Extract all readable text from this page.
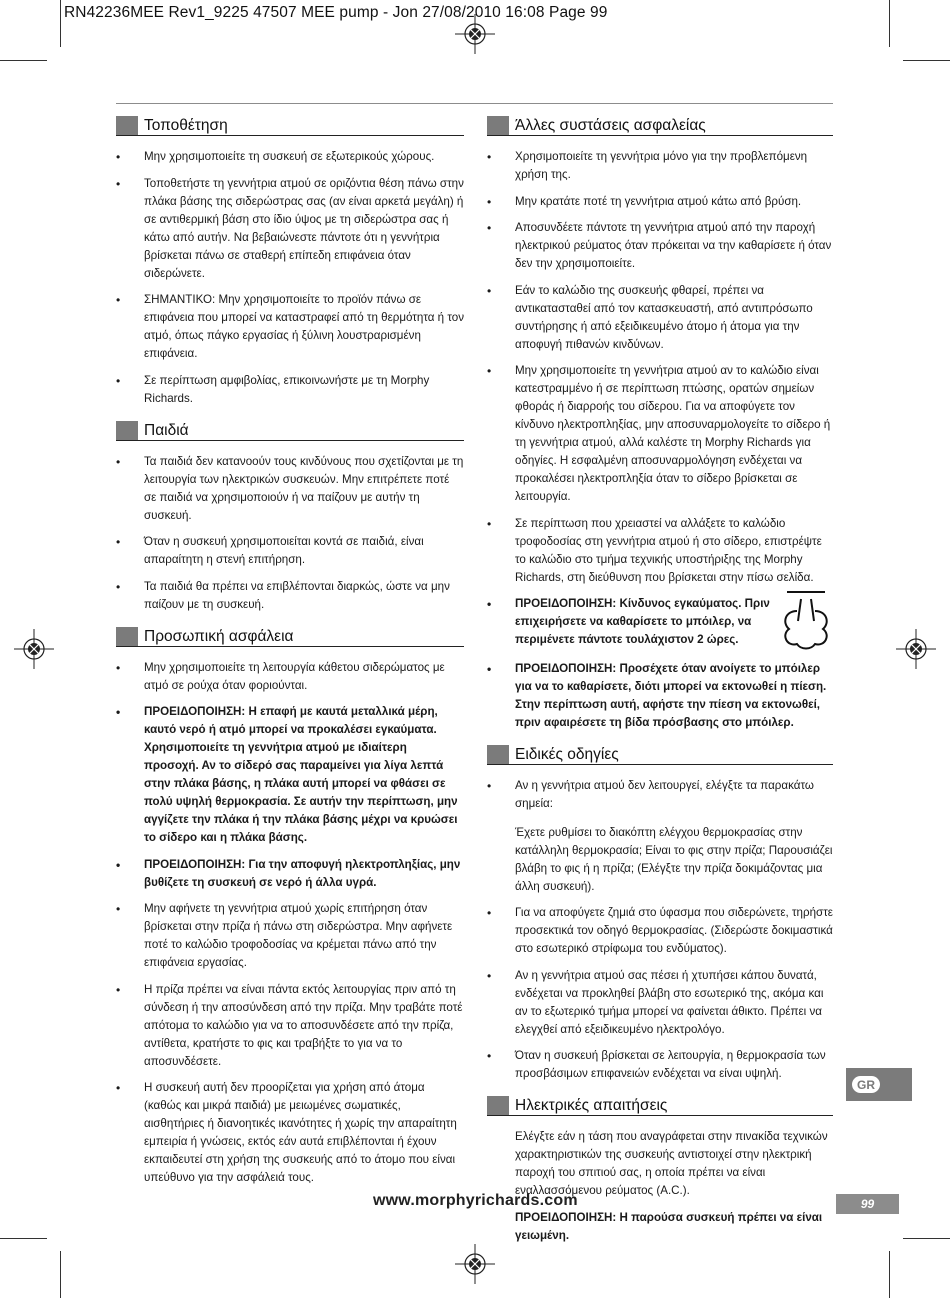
RN42236MEE Rev1_9225 47507 MEE pump - Jon 27/08/2010 16:08 Page 99
Τοποθέτηση
• Μην χρησιμοποιείτε τη συσκευή σε εξωτερικούς χώρους.
• Τοποθετήστε τη γεννήτρια ατμού σε οριζόντια θέση πάνω στην πλάκα βάσης της σιδερώστρας σας (αν είναι αρκετά μεγάλη) ή σε αντιθερμική βάση στο ίδιο ύψος με τη σιδερώστρα σας ή κάτω από αυτήν. Να βεβαιώνεστε πάντοτε ότι η γεννήτρια βρίσκεται πάνω σε σταθερή επίπεδη επιφάνεια όταν σιδερώνετε.
• ΣΗΜΑΝΤΙΚΟ: Μην χρησιμοποιείτε το προϊόν πάνω σε επιφάνεια που μπορεί να καταστραφεί από τη θερμότητα ή τον ατμό, όπως πάγκο εργασίας ή ξύλινη λουστραρισμένη επιφάνεια.
• Σε περίπτωση αμφιβολίας, επικοινωνήστε με τη Morphy Richards.
Παιδιά
• Τα παιδιά δεν κατανοούν τους κινδύνους που σχετίζονται με τη λειτουργία των ηλεκτρικών συσκευών. Μην επιτρέπετε ποτέ σε παιδιά να χρησιμοποιούν ή να παίζουν με αυτήν τη συσκευή.
• Όταν η συσκευή χρησιμοποιείται κοντά σε παιδιά, είναι απαραίτητη η στενή επιτήρηση.
• Τα παιδιά θα πρέπει να επιβλέπονται διαρκώς, ώστε να μην παίζουν με τη συσκευή.
Προσωπική ασφάλεια
• Μην χρησιμοποιείτε τη λειτουργία κάθετου σιδερώματος με ατμό σε ρούχα όταν φοριούνται.
• ΠΡΟΕΙΔΟΠΟΙΗΣΗ: Η επαφή με καυτά μεταλλικά μέρη, καυτό νερό ή ατμό μπορεί να προκαλέσει εγκαύματα. Χρησιμοποιείτε τη γεννήτρια ατμού με ιδιαίτερη προσοχή. Αν το σίδερό σας παραμείνει για λίγα λεπτά στην πλάκα βάσης, η πλάκα αυτή μπορεί να φθάσει σε πολύ υψηλή θερμοκρασία. Σε αυτήν την περίπτωση, μην αγγίζετε την πλάκα ή την πλάκα βάσης μέχρι να κρυώσει το σίδερο και η πλάκα βάσης.
• ΠΡΟΕΙΔΟΠΟΙΗΣΗ: Για την αποφυγή ηλεκτροπληξίας, μην βυθίζετε τη συσκευή σε νερό ή άλλα υγρά.
• Μην αφήνετε τη γεννήτρια ατμού χωρίς επιτήρηση όταν βρίσκεται στην πρίζα ή πάνω στη σιδερώστρα. Μην αφήνετε ποτέ το καλώδιο τροφοδοσίας να κρέμεται πάνω από την επιφάνεια εργασίας.
• Η πρίζα πρέπει να είναι πάντα εκτός λειτουργίας πριν από τη σύνδεση ή την αποσύνδεση από την πρίζα. Μην τραβάτε ποτέ απότομα το καλώδιο για να το αποσυνδέσετε από την πρίζα, αντίθετα, κρατήστε το φις και τραβήξτε το για να το αποσυνδέσετε.
• Η συσκευή αυτή δεν προορίζεται για χρήση από άτομα (καθώς και μικρά παιδιά) με μειωμένες σωματικές, αισθητήριες ή διανοητικές ικανότητες ή χωρίς την απαραίτητη εμπειρία ή γνώσεις, εκτός εάν αυτά επιβλέπονται ή έχουν εκπαιδευτεί στη χρήση της συσκευής από το άτομο που είναι υπεύθυνο για την ασφάλειά τους.
Άλλες συστάσεις ασφαλείας
• Χρησιμοποιείτε τη γεννήτρια μόνο για την προβλεπόμενη χρήση της.
• Μην κρατάτε ποτέ τη γεννήτρια ατμού κάτω από βρύση.
• Αποσυνδέετε πάντοτε τη γεννήτρια ατμού από την παροχή ηλεκτρικού ρεύματος όταν πρόκειται να την καθαρίσετε ή όταν δεν την χρησιμοποιείτε.
• Εάν το καλώδιο της συσκευής φθαρεί, πρέπει να αντικατασταθεί από τον κατασκευαστή, από αντιπρόσωπο συντήρησης ή από εξειδικευμένο άτομο ή άτομα για την αποφυγή πιθανών κινδύνων.
• Μην χρησιμοποιείτε τη γεννήτρια ατμού αν το καλώδιο είναι κατεστραμμένο ή σε περίπτωση πτώσης, ορατών σημείων φθοράς ή διαρροής του σίδερου. Για να αποφύγετε τον κίνδυνο ηλεκτροπληξίας, μην αποσυναρμολογείτε το σίδερο ή τη γεννήτρια ατμού, αλλά καλέστε τη Morphy Richards για οδηγίες. Η εσφαλμένη αποσυναρμολόγηση ενδέχεται να προκαλέσει ηλεκτροπληξία όταν το σίδερο βρίσκεται σε λειτουργία.
• Σε περίπτωση που χρειαστεί να αλλάξετε το καλώδιο τροφοδοσίας στη γεννήτρια ατμού ή στο σίδερο, επιστρέψτε το καλώδιο στο τμήμα τεχνικής υποστήριξης της Morphy Richards, στη διεύθυνση που βρίσκεται στην πίσω σελίδα.
• ΠΡΟΕΙΔΟΠΟΙΗΣΗ: Κίνδυνος εγκαύματος. Πριν επιχειρήσετε να καθαρίσετε το μπόιλερ, να περιμένετε πάντοτε τουλάχιστον 2 ώρες.
• ΠΡΟΕΙΔΟΠΟΙΗΣΗ: Προσέχετε όταν ανοίγετε το μπόιλερ για να το καθαρίσετε, διότι μπορεί να εκτονωθεί η πίεση. Στην περίπτωση αυτή, αφήστε την πίεση να εκτονωθεί, πριν αφαιρέσετε τη βίδα πρόσβασης στο μπόιλερ.
Ειδικές οδηγίες
• Αν η γεννήτρια ατμού δεν λειτουργεί, ελέγξτε τα παρακάτω σημεία:
Έχετε ρυθμίσει το διακόπτη ελέγχου θερμοκρασίας στην κατάλληλη θερμοκρασία; Είναι το φις στην πρίζα; Παρουσιάζει βλάβη το φις ή η πρίζα; (Ελέγξτε την πρίζα δοκιμάζοντας μια άλλη συσκευή).
• Για να αποφύγετε ζημιά στο ύφασμα που σιδερώνετε, τηρήστε προσεκτικά τον οδηγό θερμοκρασίας. (Σιδερώστε δοκιμαστικά στο εσωτερικό στρίφωμα του ενδύματος).
• Αν η γεννήτρια ατμού σας πέσει ή χτυπήσει κάπου δυνατά, ενδέχεται να προκληθεί βλάβη στο εσωτερικό της, ακόμα και αν το εξωτερικό τμήμα μπορεί να φαίνεται άθικτο. Πρέπει να ελεγχθεί από εξειδικευμένο ηλεκτρολόγο.
• Όταν η συσκευή βρίσκεται σε λειτουργία, η θερμοκρασία των προσβάσιμων επιφανειών ενδέχεται να είναι υψηλή.
Ηλεκτρικές απαιτήσεις
Ελέγξτε εάν η τάση που αναγράφεται στην πινακίδα τεχνικών χαρακτηριστικών της συσκευής αντιστοιχεί στην ηλεκτρική παροχή του σπιτιού σας, η οποία πρέπει να είναι εναλλασσόμενου ρεύματος (A.C.).
ΠΡΟΕΙΔΟΠΟΙΗΣΗ: Η παρούσα συσκευή πρέπει να είναι γειωμένη.
GR
www.morphyrichards.com	99
